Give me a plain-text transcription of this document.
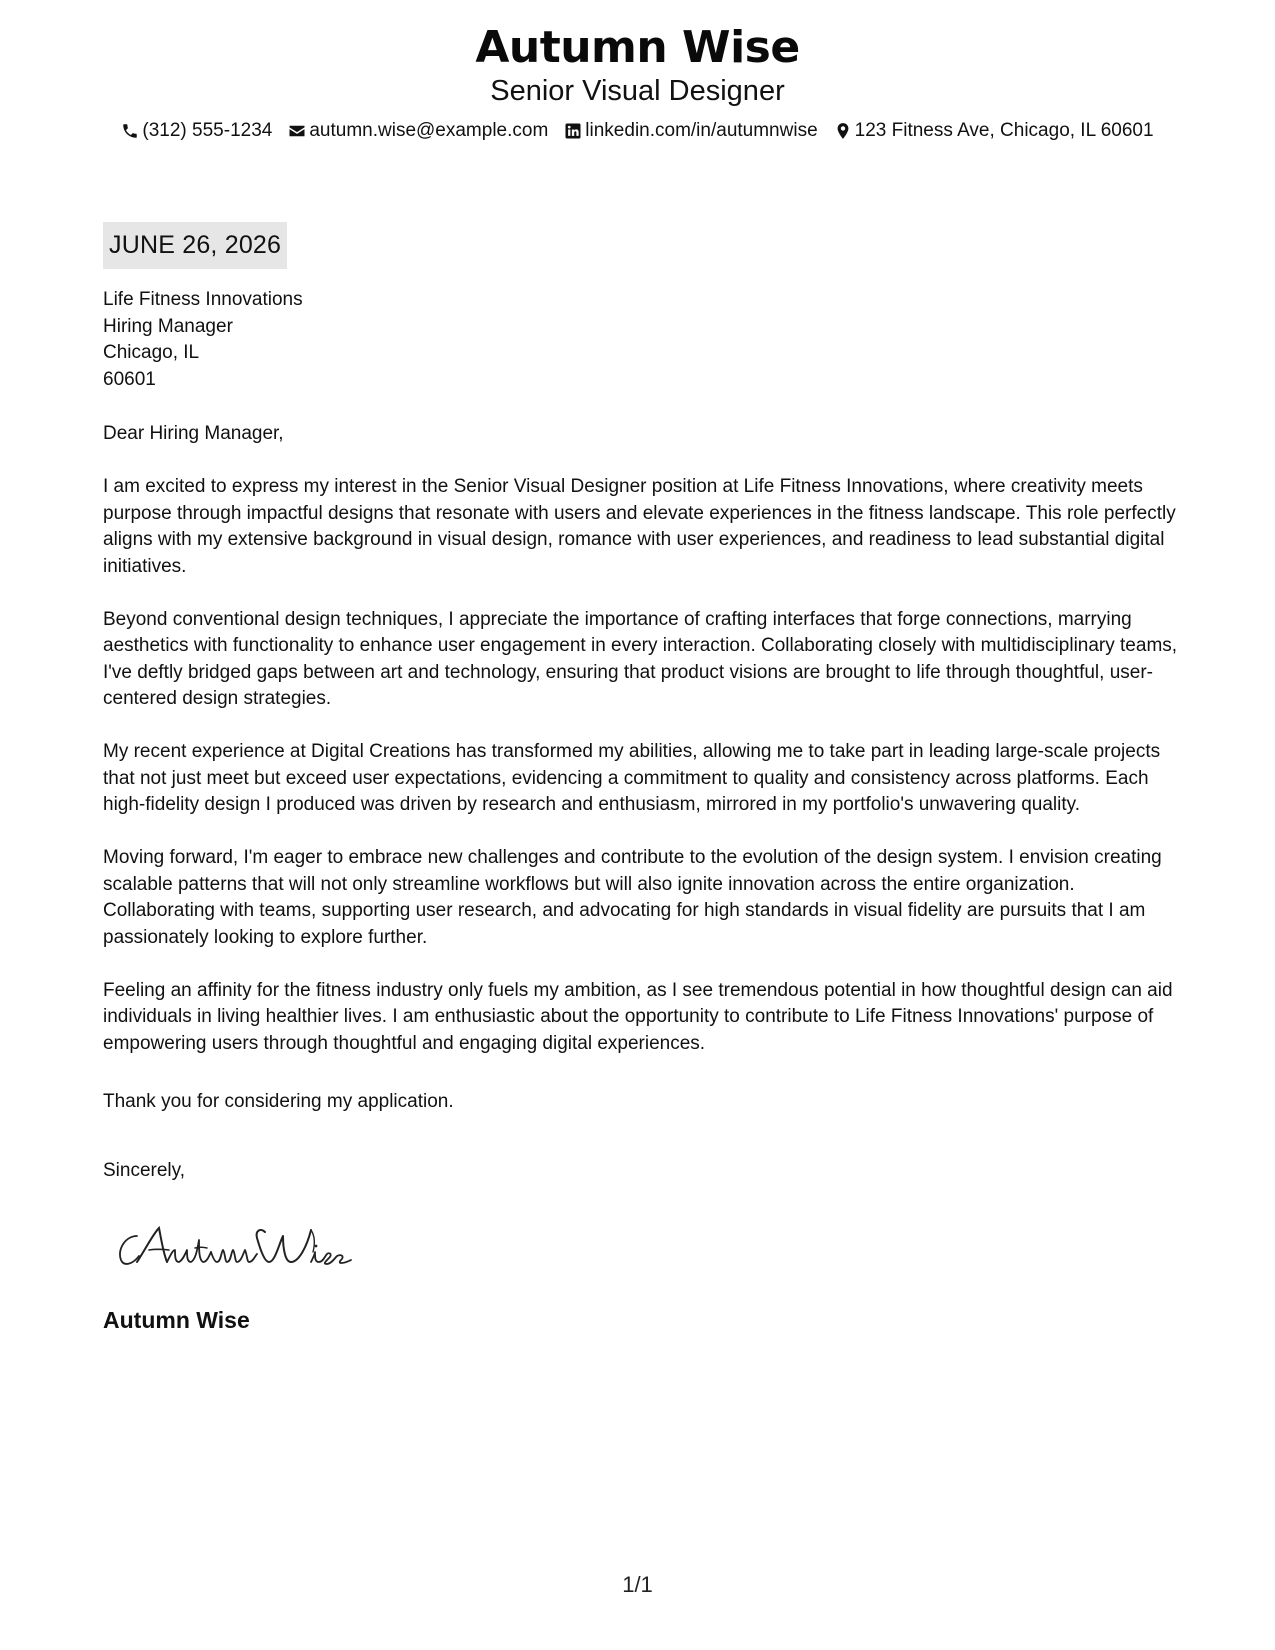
Autumn Wise
Senior Visual Designer
(312) 555-1234 autumn.wise@example.com linkedin.com/in/autumnwise 123 Fitness Ave, Chicago, IL 60601
JUNE 26, 2026
Life Fitness Innovations
Hiring Manager
Chicago, IL
60601
Dear Hiring Manager,

I am excited to express my interest in the Senior Visual Designer position at Life Fitness Innovations, where creativity meets purpose through impactful designs that resonate with users and elevate experiences in the fitness landscape. This role perfectly aligns with my extensive background in visual design, romance with user experiences, and readiness to lead substantial digital initiatives.

Beyond conventional design techniques, I appreciate the importance of crafting interfaces that forge connections, marrying aesthetics with functionality to enhance user engagement in every interaction. Collaborating closely with multidisciplinary teams, I've deftly bridged gaps between art and technology, ensuring that product visions are brought to life through thoughtful, user-centered design strategies.

My recent experience at Digital Creations has transformed my abilities, allowing me to take part in leading large-scale projects that not just meet but exceed user expectations, evidencing a commitment to quality and consistency across platforms. Each high-fidelity design I produced was driven by research and enthusiasm, mirrored in my portfolio's unwavering quality.

Moving forward, I'm eager to embrace new challenges and contribute to the evolution of the design system. I envision creating scalable patterns that will not only streamline workflows but will also ignite innovation across the entire organization. Collaborating with teams, supporting user research, and advocating for high standards in visual fidelity are pursuits that I am passionately looking to explore further.

Feeling an affinity for the fitness industry only fuels my ambition, as I see tremendous potential in how thoughtful design can aid individuals in living healthier lives. I am enthusiastic about the opportunity to contribute to Life Fitness Innovations' purpose of empowering users through thoughtful and engaging digital experiences.

Thank you for considering my application.
Sincerely,
Autumn Wise
1/1
